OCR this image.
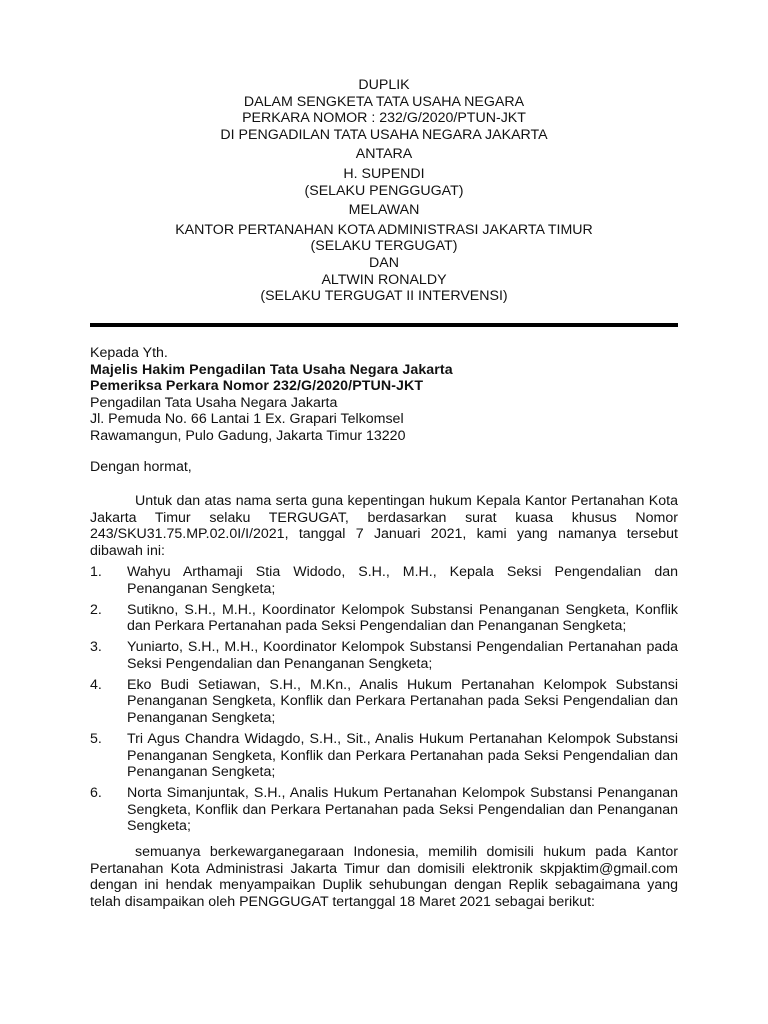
DUPLIK
DALAM SENGKETA TATA USAHA NEGARA
PERKARA NOMOR : 232/G/2020/PTUN-JKT
DI PENGADILAN TATA USAHA NEGARA JAKARTA
ANTARA
H. SUPENDI
(SELAKU PENGGUGAT)
MELAWAN
KANTOR PERTANAHAN KOTA ADMINISTRASI JAKARTA TIMUR
(SELAKU TERGUGAT)
DAN
ALTWIN RONALDY
(SELAKU TERGUGAT II INTERVENSI)
Kepada Yth.
Majelis Hakim Pengadilan Tata Usaha Negara Jakarta
Pemeriksa Perkara Nomor 232/G/2020/PTUN-JKT
Pengadilan Tata Usaha Negara Jakarta
Jl. Pemuda No. 66 Lantai 1 Ex. Grapari Telkomsel
Rawamangun, Pulo Gadung, Jakarta Timur 13220
Dengan hormat,
Untuk dan atas nama serta guna kepentingan hukum Kepala Kantor Pertanahan Kota Jakarta Timur selaku TERGUGAT, berdasarkan surat kuasa khusus Nomor 243/SKU31.75.MP.02.0I/I/2021, tanggal 7 Januari 2021, kami yang namanya tersebut dibawah ini:
1. Wahyu Arthamaji Stia Widodo, S.H., M.H., Kepala Seksi Pengendalian dan Penanganan Sengketa;
2. Sutikno, S.H., M.H., Koordinator Kelompok Substansi Penanganan Sengketa, Konflik dan Perkara Pertanahan pada Seksi Pengendalian dan Penanganan Sengketa;
3. Yuniarto, S.H., M.H., Koordinator Kelompok Substansi Pengendalian Pertanahan pada Seksi Pengendalian dan Penanganan Sengketa;
4. Eko Budi Setiawan, S.H., M.Kn., Analis Hukum Pertanahan Kelompok Substansi Penanganan Sengketa, Konflik dan Perkara Pertanahan pada Seksi Pengendalian dan Penanganan Sengketa;
5. Tri Agus Chandra Widagdo, S.H., Sit., Analis Hukum Pertanahan Kelompok Substansi Penanganan Sengketa, Konflik dan Perkara Pertanahan pada Seksi Pengendalian dan Penanganan Sengketa;
6. Norta Simanjuntak, S.H., Analis Hukum Pertanahan Kelompok Substansi Penanganan Sengketa, Konflik dan Perkara Pertanahan pada Seksi Pengendalian dan Penanganan Sengketa;
semuanya berkewarganegaraan Indonesia, memilih domisili hukum pada Kantor Pertanahan Kota Administrasi Jakarta Timur dan domisili elektronik skpjaktim@gmail.com dengan ini hendak menyampaikan Duplik sehubungan dengan Replik sebagaimana yang telah disampaikan oleh PENGGUGAT tertanggal 18 Maret 2021 sebagai berikut:
